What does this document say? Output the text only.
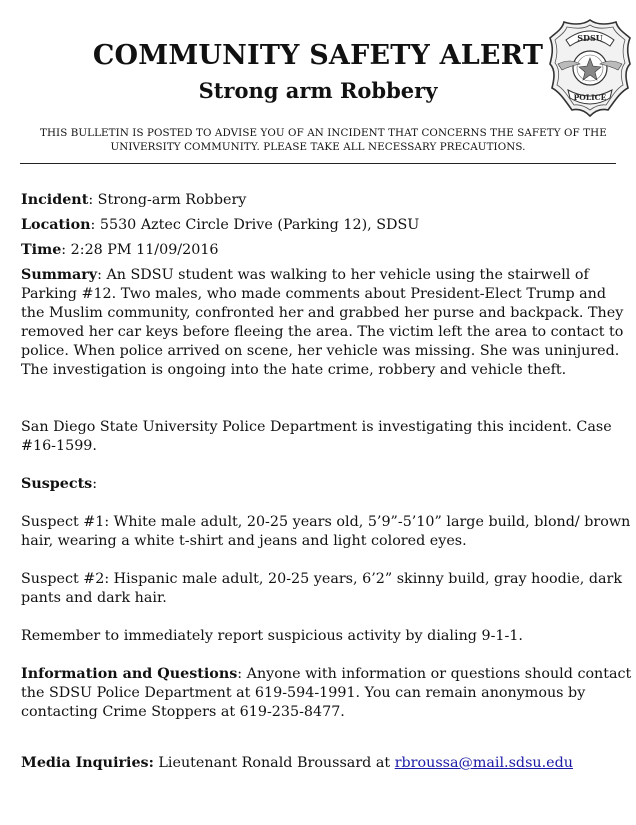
COMMUNITY SAFETY ALERT
Strong arm Robbery
SDSU
POLICE
THIS BULLETIN IS POSTED TO ADVISE YOU OF AN INCIDENT THAT CONCERNS THE SAFETY OF THE
UNIVERSITY COMMUNITY. PLEASE TAKE ALL NECESSARY PRECAUTIONS.
Incident: Strong-arm Robbery
Location: 5530 Aztec Circle Drive (Parking 12), SDSU
Time: 2:28 PM 11/09/2016
Summary: An SDSU student was walking to her vehicle using the stairwell of
Parking #12. Two males, who made comments about President-Elect Trump and
the Muslim community, confronted her and grabbed her purse and backpack. They
removed her car keys before fleeing the area. The victim left the area to contact to
police. When police arrived on scene, her vehicle was missing. She was uninjured.
The investigation is ongoing into the hate crime, robbery and vehicle theft.
San Diego State University Police Department is investigating this incident. Case
#16-1599.
Suspects:
Suspect #1: White male adult, 20-25 years old, 5’9”-5’10” large build, blond/ brown
hair, wearing a white t-shirt and jeans and light colored eyes.
Suspect #2: Hispanic male adult, 20-25 years, 6’2” skinny build, gray hoodie, dark
pants and dark hair.
Remember to immediately report suspicious activity by dialing 9-1-1.
Information and Questions: Anyone with information or questions should contact
the SDSU Police Department at 619-594-1991. You can remain anonymous by
contacting Crime Stoppers at 619-235-8477.
Media Inquiries: Lieutenant Ronald Broussard at rbroussa@mail.sdsu.edu
